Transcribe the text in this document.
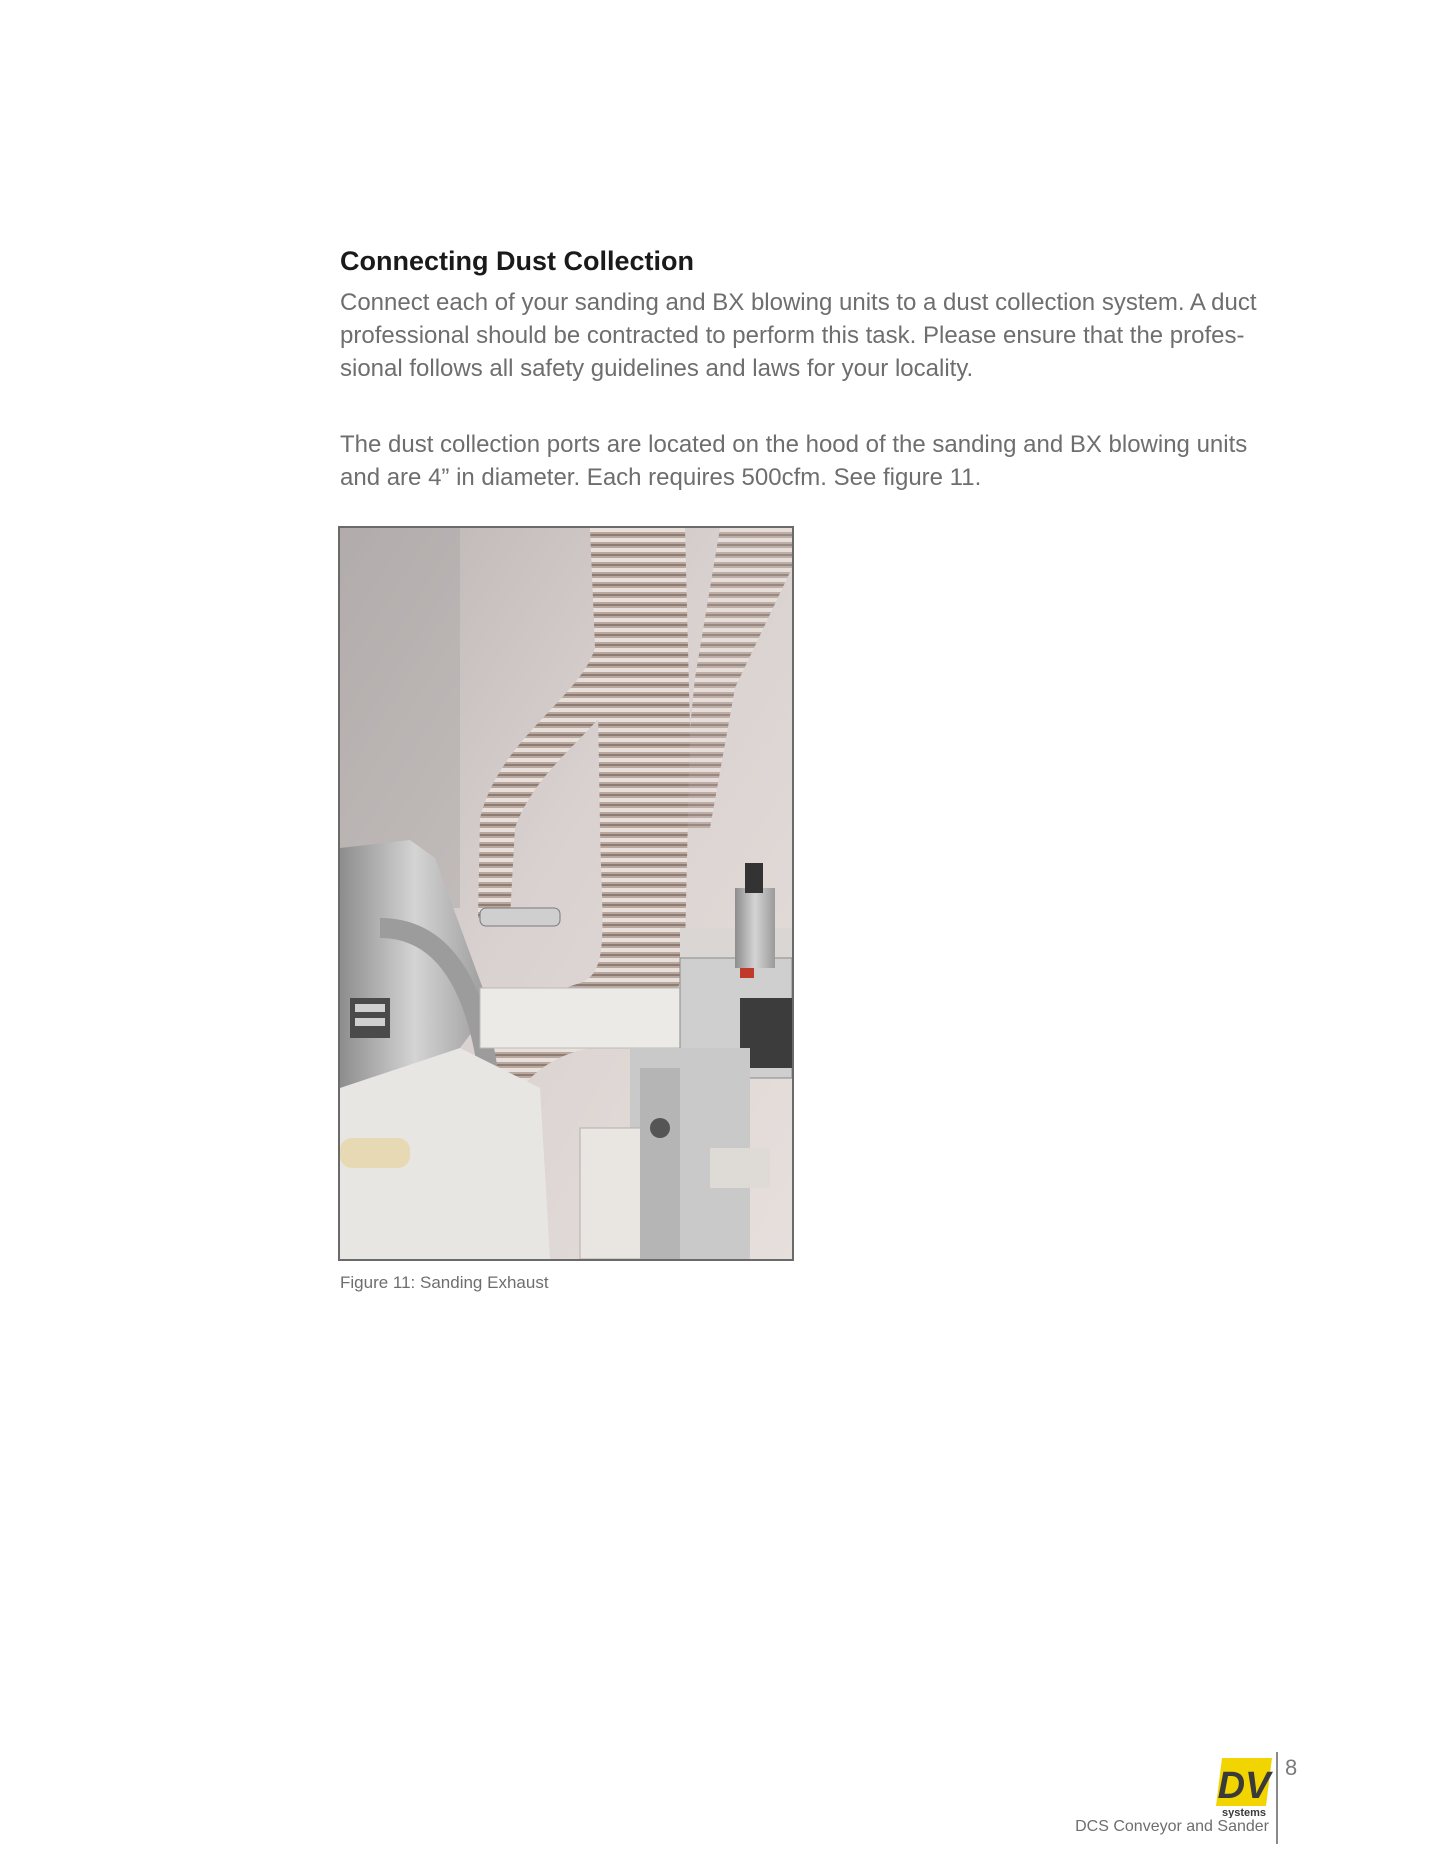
Connecting Dust Collection

Connect each of your sanding and BX blowing units to a dust collection system. A duct professional should be contracted to perform this task. Please ensure that the profes-sional follows all safety guidelines and laws for your locality.

The dust collection ports are located on the hood of the sanding and BX blowing units and are 4” in diameter. Each requires 500cfm. See figure 11.

Figure 11: Sanding Exhaust

DV
systems

8

DCS Conveyor and Sander
